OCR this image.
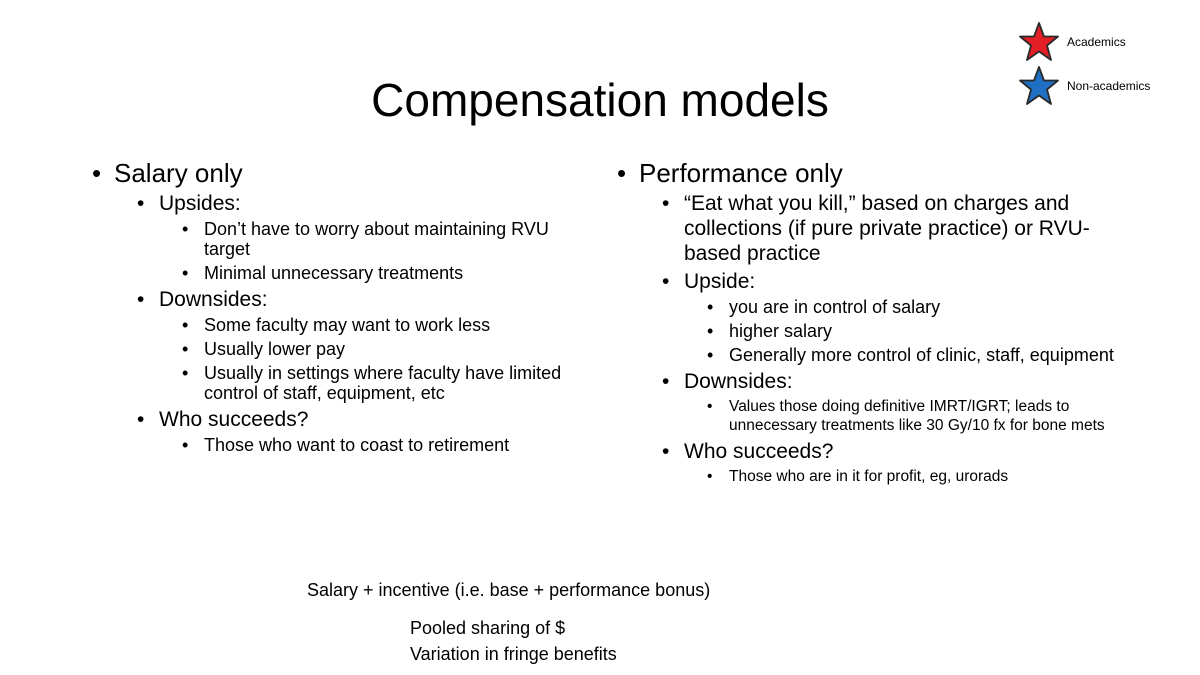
Compensation models
Academics
Non-academics
• Salary only
• Upsides:
• Don’t have to worry about maintaining RVU target
• Minimal unnecessary treatments
• Downsides:
• Some faculty may want to work less
• Usually lower pay
• Usually in settings where faculty have limited control of staff, equipment, etc
• Who succeeds?
• Those who want to coast to retirement
• Performance only
• “Eat what you kill,” based on charges and collections (if pure private practice) or RVU-based practice
• Upside:
• you are in control of salary
• higher salary
• Generally more control of clinic, staff, equipment
• Downsides:
• Values those doing definitive IMRT/IGRT; leads to unnecessary treatments like 30 Gy/10 fx for bone mets
• Who succeeds?
• Those who are in it for profit, eg, urorads
Salary + incentive (i.e. base + performance bonus)
Pooled sharing of $
Variation in fringe benefits
